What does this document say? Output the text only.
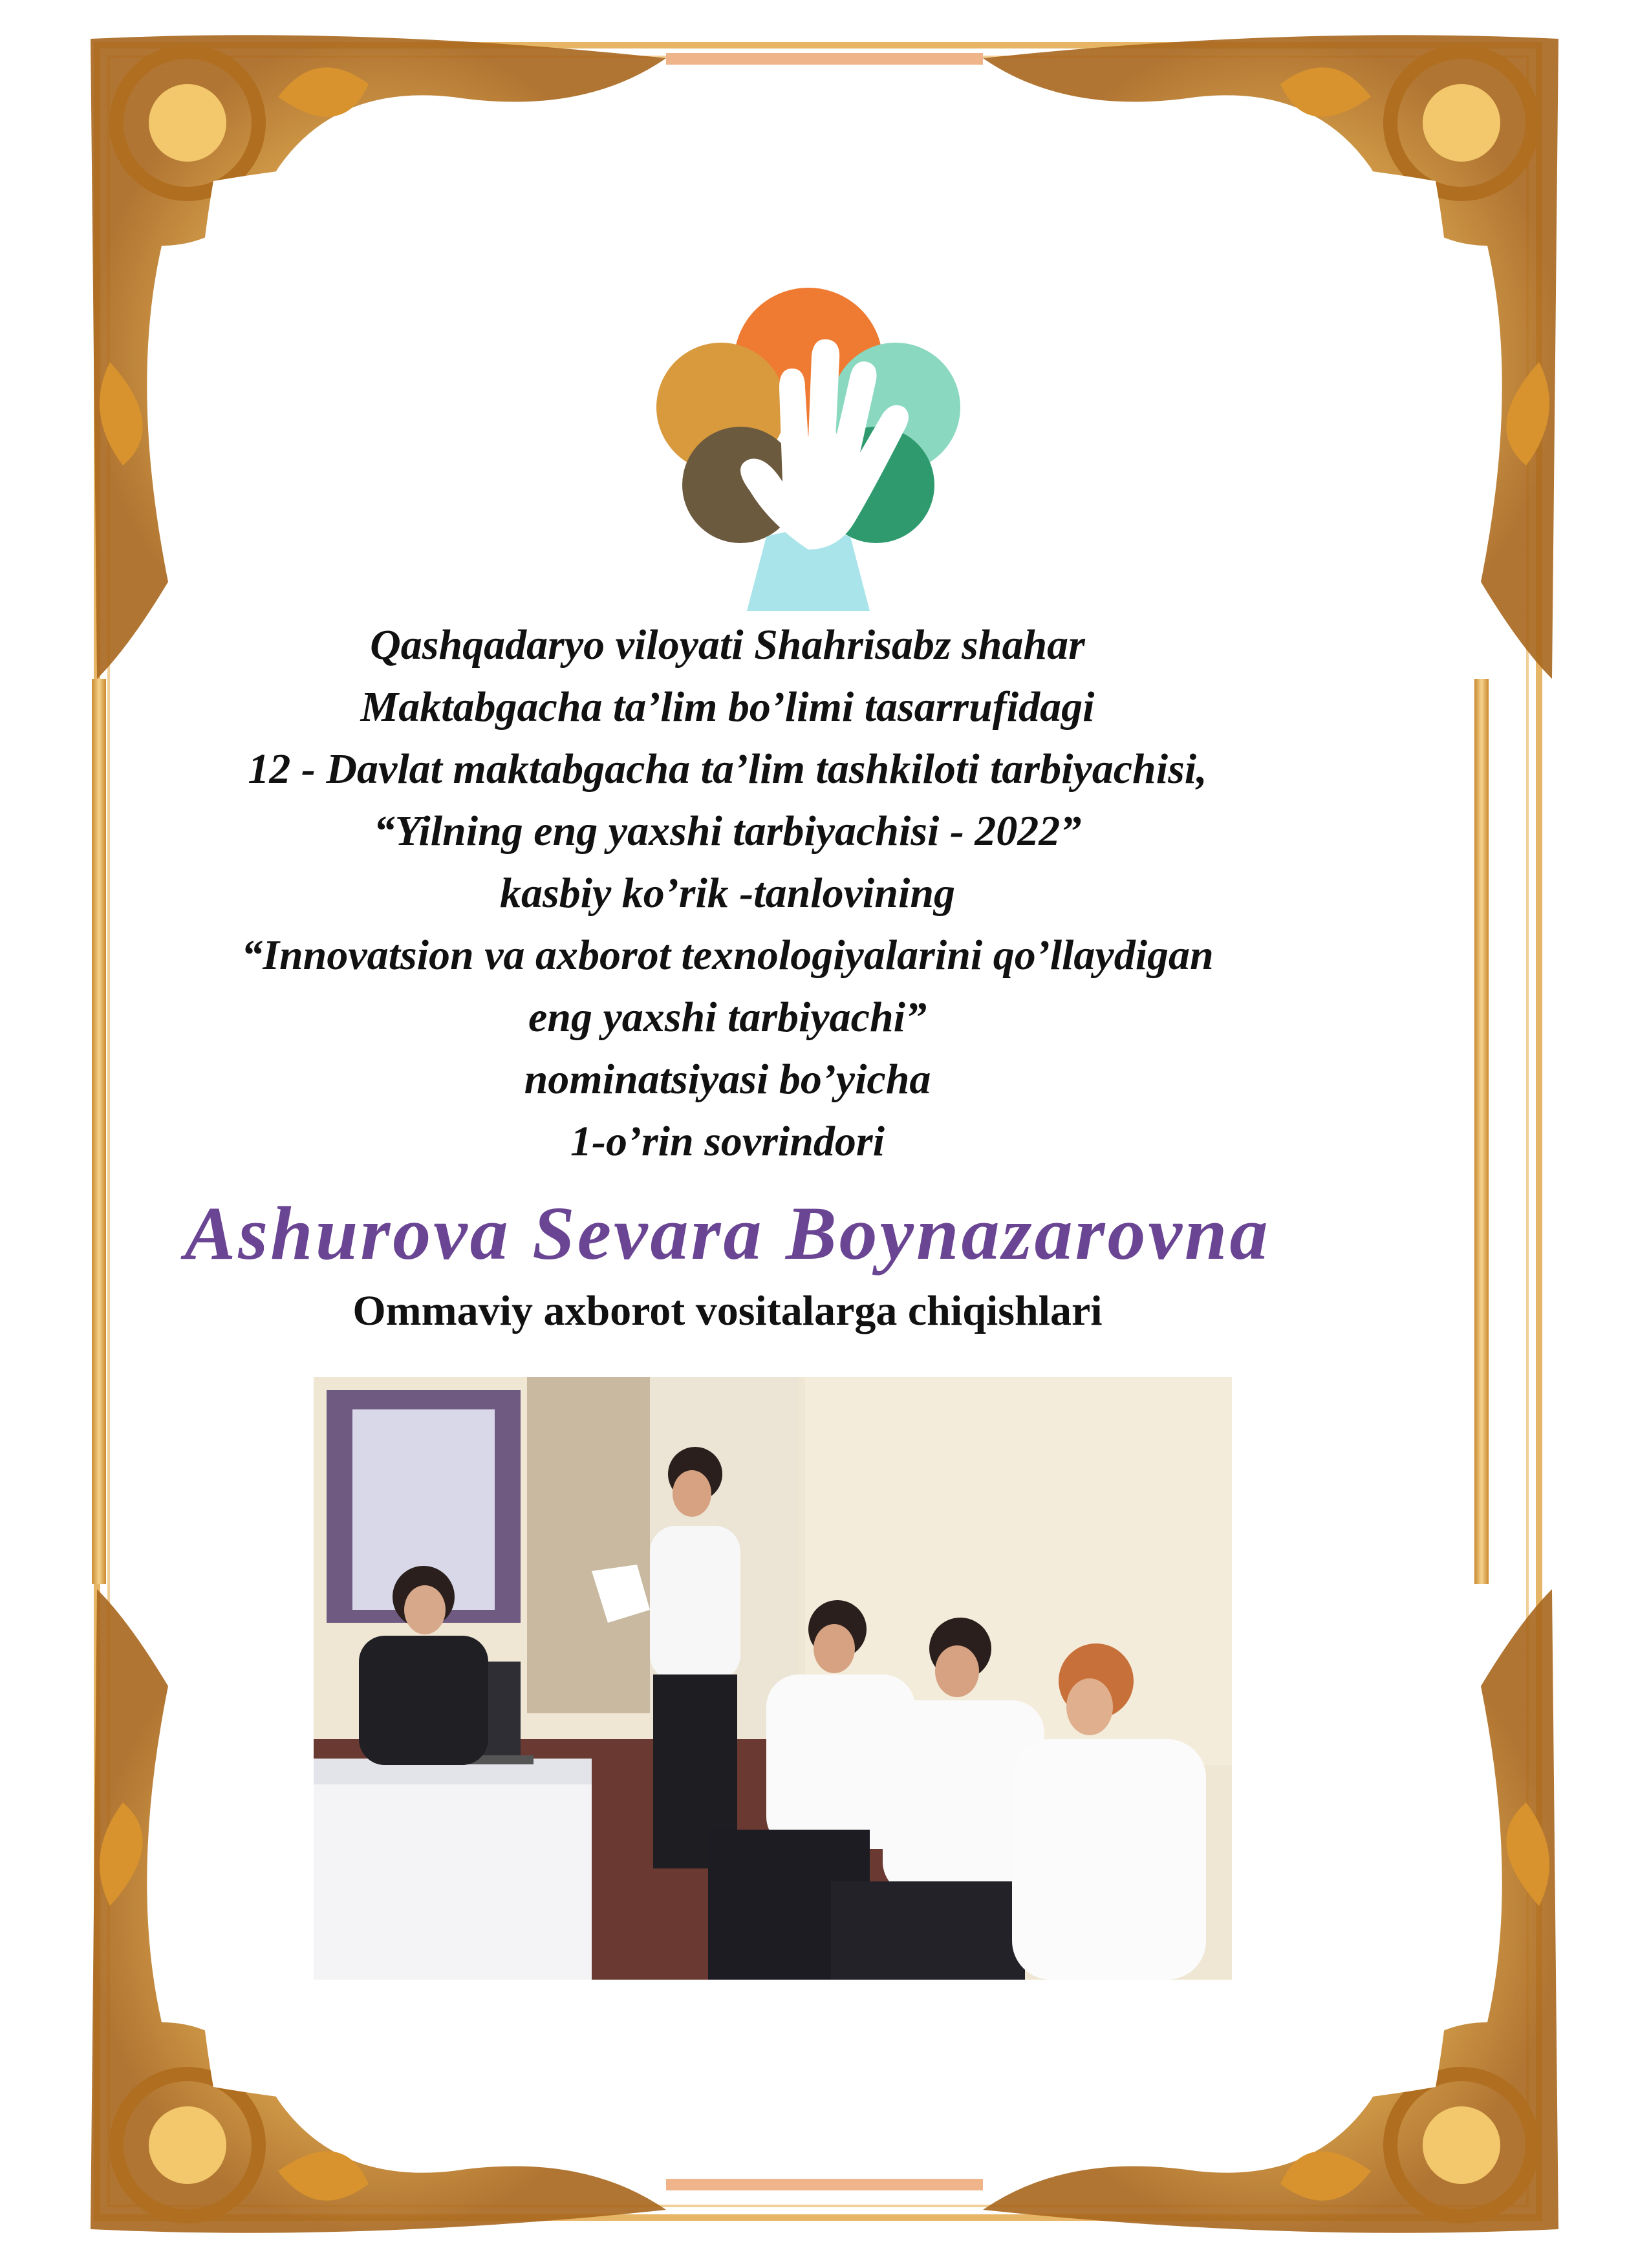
Qashqadaryo viloyati Shahrisabz shahar
Maktabgacha ta’lim bo’limi tasarrufidagi
12 - Davlat maktabgacha ta’lim tashkiloti tarbiyachisi,
“Yilning eng yaxshi tarbiyachisi - 2022”
kasbiy ko’rik -tanlovining
“Innovatsion va axborot texnologiyalarini qo’llaydigan
eng yaxshi tarbiyachi”
nominatsiyasi bo’yicha
1-o’rin sovrindori
Ashurova Sevara Boynazarovna
Ommaviy axborot vositalarga chiqishlari
